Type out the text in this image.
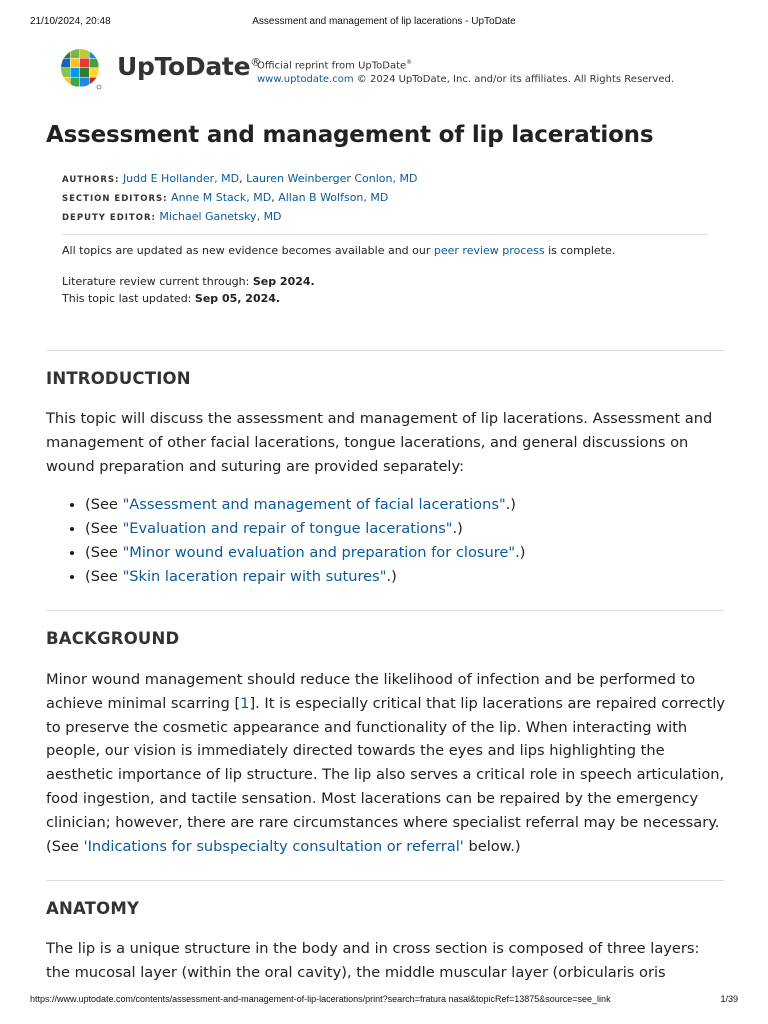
21/10/2024, 20:48	Assessment and management of lip lacerations - UpToDate
UpToDate®
Official reprint from UpToDate®
www.uptodate.com © 2024 UpToDate, Inc. and/or its affiliates. All Rights Reserved.
Assessment and management of lip lacerations
AUTHORS: Judd E Hollander, MD, Lauren Weinberger Conlon, MD
SECTION EDITORS: Anne M Stack, MD, Allan B Wolfson, MD
DEPUTY EDITOR: Michael Ganetsky, MD
All topics are updated as new evidence becomes available and our peer review process is complete.
Literature review current through: Sep 2024.
This topic last updated: Sep 05, 2024.
INTRODUCTION

This topic will discuss the assessment and management of lip lacerations. Assessment and management of other facial lacerations, tongue lacerations, and general discussions on wound preparation and suturing are provided separately:

• (See "Assessment and management of facial lacerations".)
• (See "Evaluation and repair of tongue lacerations".)
• (See "Minor wound evaluation and preparation for closure".)
• (See "Skin laceration repair with sutures".)
BACKGROUND

Minor wound management should reduce the likelihood of infection and be performed to achieve minimal scarring [1]. It is especially critical that lip lacerations are repaired correctly to preserve the cosmetic appearance and functionality of the lip. When interacting with people, our vision is immediately directed towards the eyes and lips highlighting the aesthetic importance of lip structure. The lip also serves a critical role in speech articulation, food ingestion, and tactile sensation. Most lacerations can be repaired by the emergency clinician; however, there are rare circumstances where specialist referral may be necessary. (See 'Indications for subspecialty consultation or referral' below.)

ANATOMY

The lip is a unique structure in the body and in cross section is composed of three layers: the mucosal layer (within the oral cavity), the middle muscular layer (orbicularis oris

https://www.uptodate.com/contents/assessment-and-management-of-lip-lacerations/print?search=fratura nasal&topicRef=13875&source=see_link	1/39
